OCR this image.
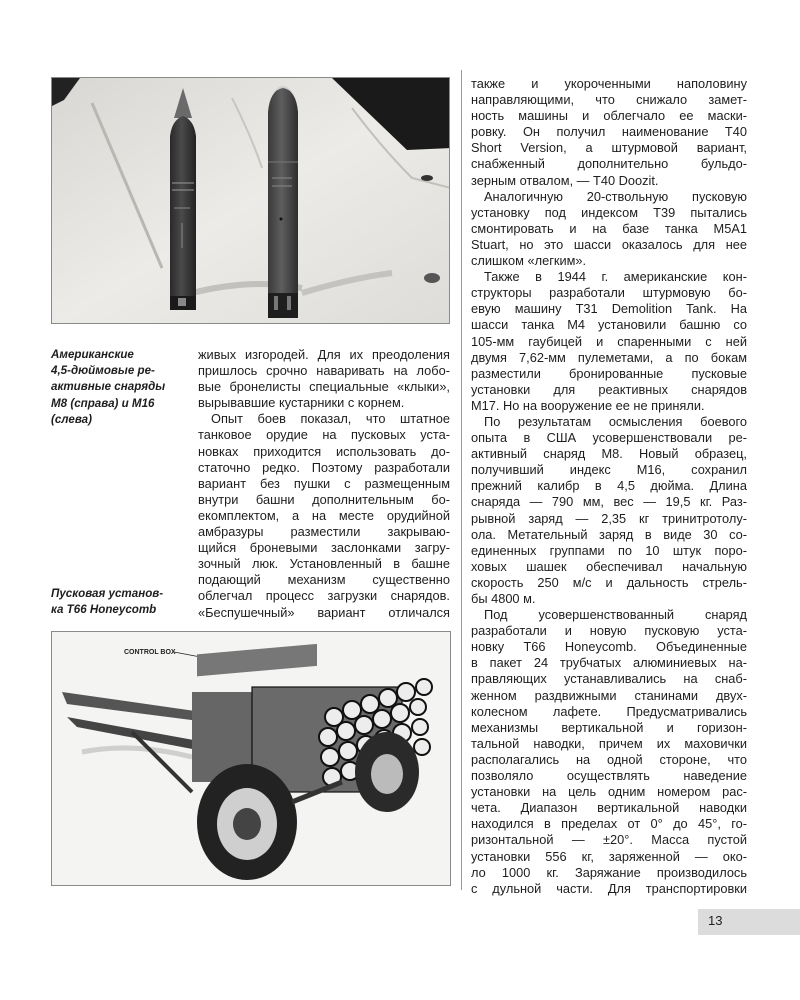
Американские
4,5-дюймовые ре-
активные снаряды
M8 (справа) и M16
(слева)
Пусковая установ-
ка T66 Honeycomb

живых изгородей. Для их преодоления
пришлось срочно наваривать на лобо-
вые бронелисты специальные «клыки»,
вырывавшие кустарники с корнем.

Опыт боев показал, что штатное
танковое орудие на пусковых уста-
новках приходится использовать до-
статочно редко. Поэтому разработали
вариант без пушки с размещенным
внутри башни дополнительным бо-
екомплектом, а на месте орудийной
амбразуры разместили закрываю-
щийся броневыми заслонками загру-
зочный люк. Установленный в башне
подающий механизм существенно
облегчал процесс загрузки снарядов.
«Беспушечный» вариант отличался

CONTROL BOX

также и укороченными наполовину
направляющими, что снижало замет-
ность машины и облегчало ее маски-
ровку. Он получил наименование T40
Short Version, а штурмовой вариант,
снабженный дополнительно бульдо-
зерным отвалом, — T40 Doozit.

Аналогичную 20-ствольную пусковую
установку под индексом T39 пытались
смонтировать и на базе танка M5A1
Stuart, но это шасси оказалось для нее
слишком «легким».

Также в 1944 г. американские кон-
структоры разработали штурмовую бо-
евую машину T31 Demolition Tank. На
шасси танка M4 установили башню со
105-мм гаубицей и спаренными с ней
двумя 7,62-мм пулеметами, а по бокам
разместили бронированные пусковые
установки для реактивных снарядов
M17. Но на вооружение ее не приняли.

По результатам осмысления боевого
опыта в США усовершенствовали ре-
активный снаряд M8. Новый образец,
получивший индекс M16, сохранил
прежний калибр в 4,5 дюйма. Длина
снаряда — 790 мм, вес — 19,5 кг. Раз-
рывной заряд — 2,35 кг тринитротолу-
ола. Метательный заряд в виде 30 со-
единенных группами по 10 штук поро-
ховых шашек обеспечивал начальную
скорость 250 м/с и дальность стрель-
бы 4800 м.

Под усовершенствованный снаряд
разработали и новую пусковую уста-
новку T66 Honeycomb. Объединенные
в пакет 24 трубчатых алюминиевых на-
правляющих устанавливались на снаб-
женном раздвижными станинами двух-
колесном лафете. Предусматривались
механизмы вертикальной и горизон-
тальной наводки, причем их маховички
располагались на одной стороне, что
позволяло осуществлять наведение
установки на цель одним номером рас-
чета. Диапазон вертикальной наводки
находился в пределах от 0° до 45°, го-
ризонтальной — ±20°. Масса пустой
установки 556 кг, заряженной — око-
ло 1000 кг. Заряжание производилось
с дульной части. Для транспортировки

13
